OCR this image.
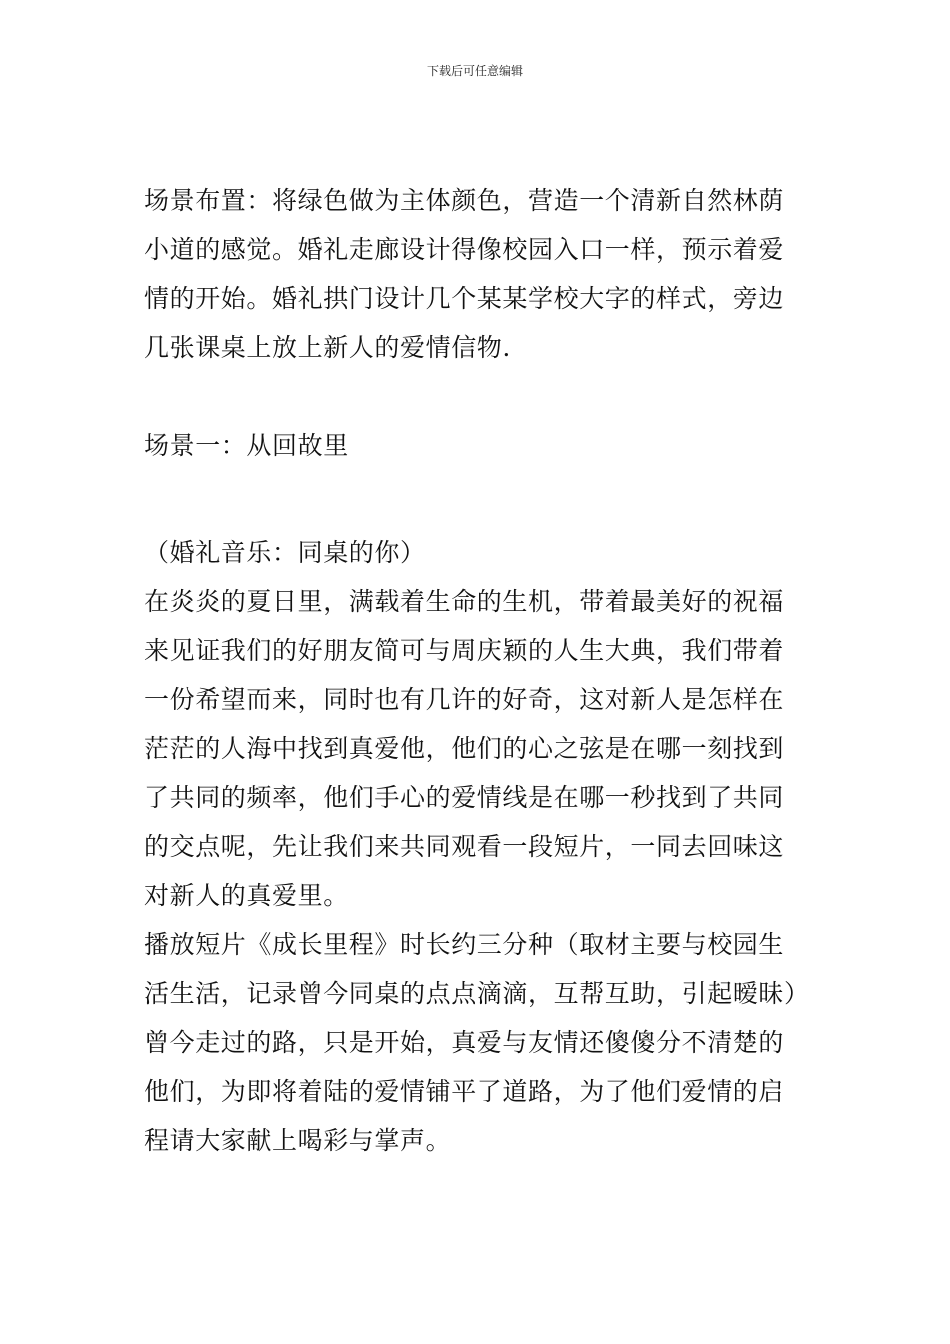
下载后可任意编辑

场景布置：将绿色做为主体颜色，营造一个清新自然林荫小道的感觉。婚礼走廊设计得像校园入口一样，预示着爱情的开始。婚礼拱门设计几个某某学校大字的样式，旁边几张课桌上放上新人的爱情信物.

场景一：从回故里

（婚礼音乐：同桌的你）

在炎炎的夏日里，满载着生命的生机，带着最美好的祝福来见证我们的好朋友简可与周庆颖的人生大典，我们带着一份希望而来，同时也有几许的好奇，这对新人是怎样在茫茫的人海中找到真爱他，他们的心之弦是在哪一刻找到了共同的频率，他们手心的爱情线是在哪一秒找到了共同的交点呢，先让我们来共同观看一段短片，一同去回味这对新人的真爱里。

播放短片《成长里程》时长约三分种（取材主要与校园生活生活，记录曾今同桌的点点滴滴，互帮互助，引起暧昧）

曾今走过的路，只是开始，真爱与友情还傻傻分不清楚的他们，为即将着陆的爱情铺平了道路，为了他们爱情的启程请大家献上喝彩与掌声。
